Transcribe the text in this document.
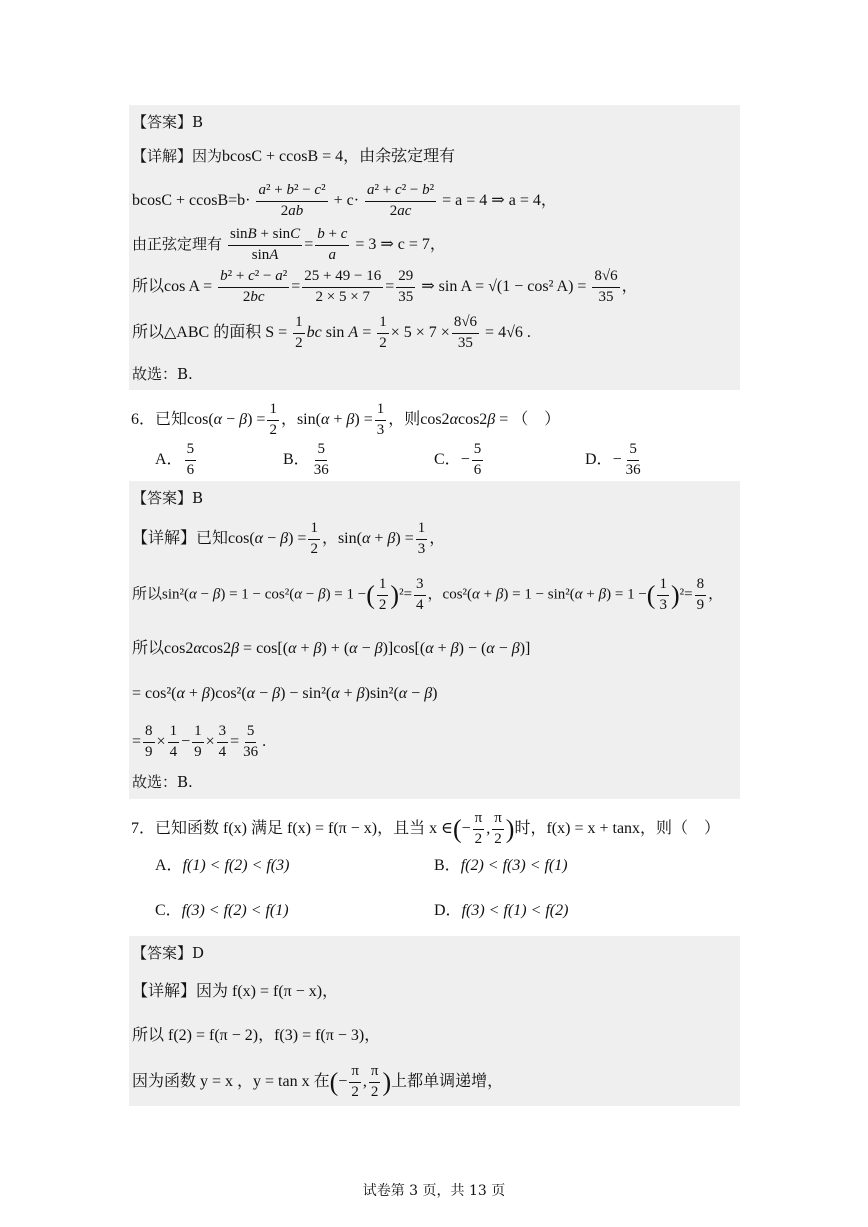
【答案】B
【详解】因为bcosC + ccosB = 4，由余弦定理有
$bcosC + ccosB=b\cdot \frac{\text{a² + b² − c²}}{2ab} + c\cdot \frac{\text{a² + c² − b²}}{2ac} = a = 4$ ⇒ a = 4，
由正弦定理有 $\frac{\sin B + \sin C}{\sin A} = \frac{b + c}{a} = 3$ ⇒ c = 7，
所以$\cos A = \frac{\text{b² + c² − a²}}{2bc} = \frac{25 + 49 - 16}{2 \times 5 \times 7} = \frac{29}{35}$ ⇒ sin A = √(1 − cos² $A) = \frac{8√6}{35}$ ，
所以△ABC 的面积 $S = \frac{1}{2}$ bc $\sin A = \frac{1}{2} \times 5 \times 7 \times \frac{8√6}{35} = 4√6$ .
故选：B.
6．已知$\cos(\alpha - \beta) = \frac{1}{2}$ ，$\sin(\alpha + \beta) = \frac{1}{3}$ ，则cos2αcos2β = （　）
A． $\frac{5}{6}$	B． $\frac{5}{36}$	C．− $\frac{5}{6}$	D．− $\frac{5}{36}$
【答案】B
【详解】已知$\cos(\alpha - \beta) = \frac{1}{2}$ ，$\sin(\alpha + \beta) = \frac{1}{3}$ ，
所以sin²(α − β) = 1 − cos²(α − β) = 1 −( $\frac{1}{2} )^2= \frac{3}{4}$ ，cos²(α + β) = 1 − sin²(α + β) = 1 −( $\frac{1}{3} )^2= \frac{8}{9}$ ，
所以cos2αcos2β = cos[(α + β) + (α − β)]cos[(α + β) − (α − β)]
= cos²(α + β)cos²(α − β) − sin²(α + β)sin²(α − β)
= $\frac{8}{9} \times \frac{1}{4} - \frac{1}{9} \times \frac{3}{4} = \frac{5}{36}$ .
故选：B.
7．已知函数 f(x) 满足 f(x) = f(π − x)，且当 x ∈(− $\frac{\pi}{2}$ , $\frac{\pi}{2}$ )时，f(x) = x + tanx，则（　）
A．f(1) < f(2) < f(3)	B．f(2) < f(3) < f(1)
C．f(3) < f(2) < f(1)	D．f(3) < f(1) < f(2)
【答案】D
【详解】因为 f(x) = f(π − x)，
所以 f(2) = f(π − 2)，f(3) = f(π − 3)，
因为函数 y = x ，y = tan x 在(− $\frac{\pi}{2}$ , $\frac{\pi}{2}$ )上都单调递增，
试卷第 3 页，共 13 页
